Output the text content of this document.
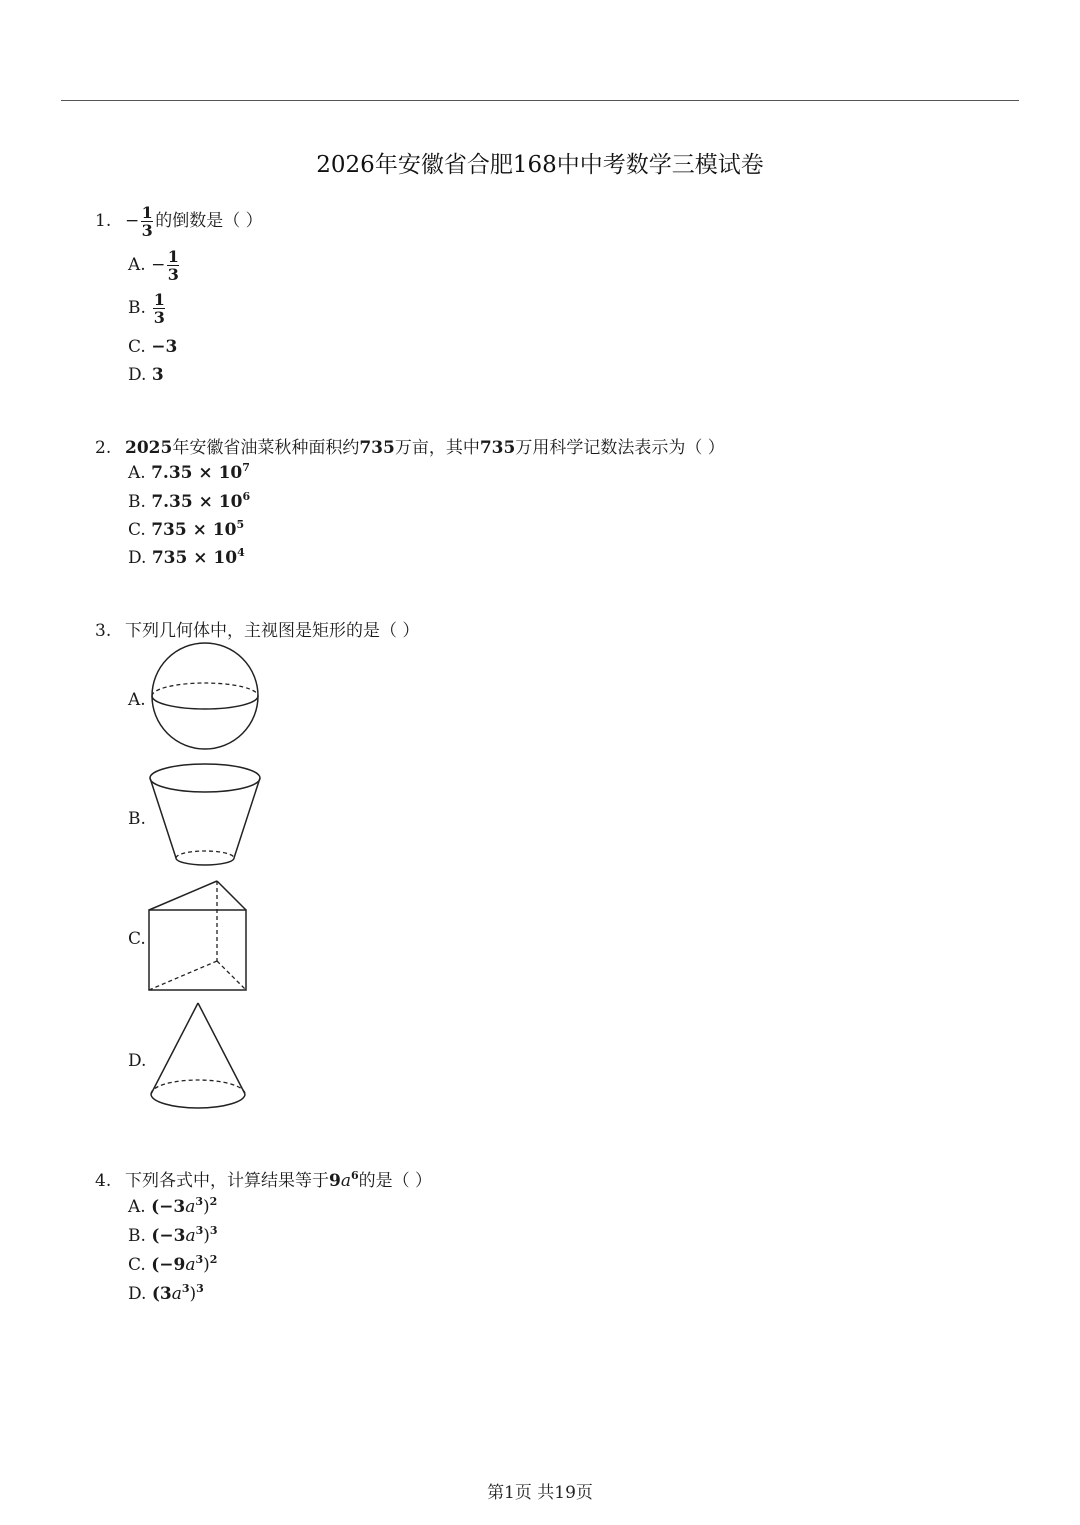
2026年安徽省合肥168中中考数学三模试卷
1. − $\frac{1}{3}$ 的倒数是（ ）
A. − $\frac{1}{3}$
B. $\frac{1}{3}$
C. −3
D. 3
2. 2025年安徽省油菜秋种面积约735万亩，其中735万用科学记数法表示为（ ）
A. $7.35 \times 10^7$
B. $7.35 \times 10^6$
C. $735 \times 10^5$
D. $735 \times 10^4$
3. 下列几何体中，主视图是矩形的是（ ）
A.
B.
C.
D.
4. 下列各式中，计算结果等于$9a^6$的是（ ）
A. $(-3a^3)^2$
B. $(-3a^3)^3$
C. $(-9a^3)^2$
D. $(3a^3)^3$
第1页 共19页
